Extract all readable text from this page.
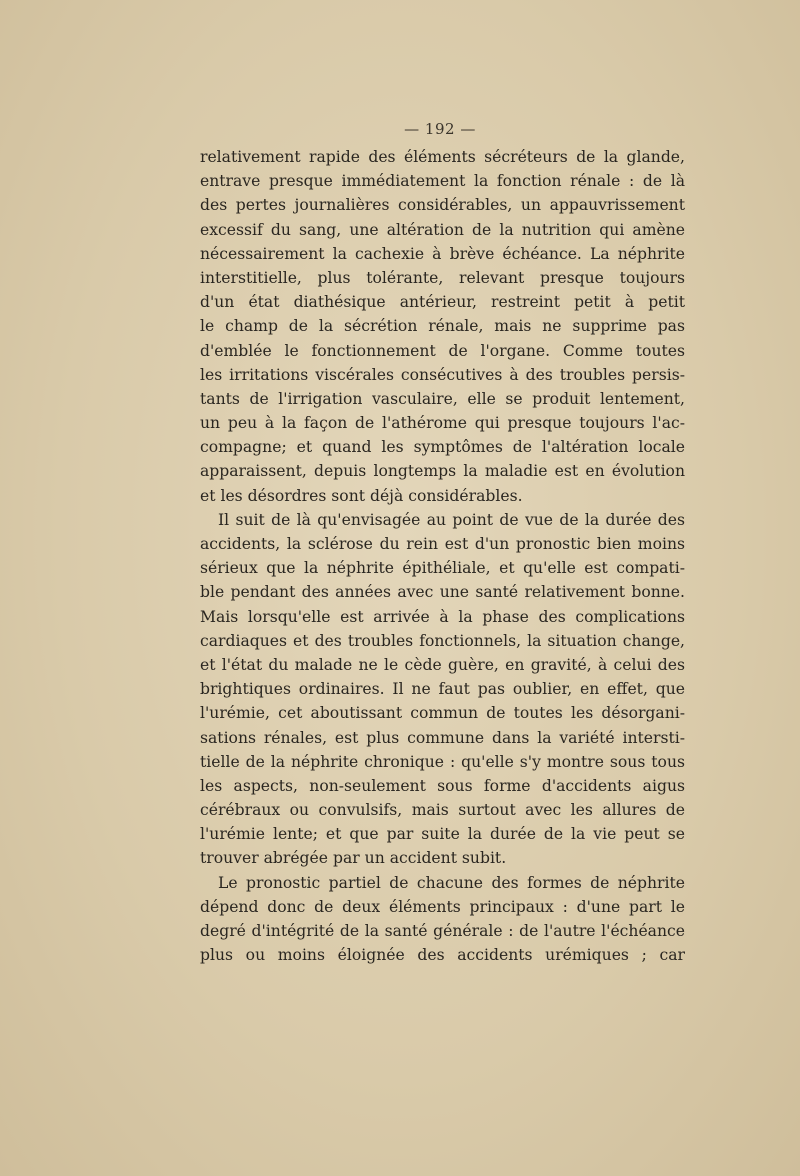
— 192 —
relativement rapide des éléments sécréteurs de la glande,
entrave presque immédiatement la fonction rénale : de là
des pertes journalières considérables, un appauvrissement
excessif du sang, une altération de la nutrition qui amène
nécessairement la cachexie à brève échéance. La néphrite
interstitielle, plus tolérante, relevant presque toujours
d'un état diathésique antérieur, restreint petit à petit
le champ de la sécrétion rénale, mais ne supprime pas
d'emblée le fonctionnement de l'organe. Comme toutes
les irritations viscérales consécutives à des troubles persis-
tants de l'irrigation vasculaire, elle se produit lentement,
un peu à la façon de l'athérome qui presque toujours l'ac-
compagne; et quand les symptômes de l'altération locale
apparaissent, depuis longtemps la maladie est en évolution
et les désordres sont déjà considérables.
Il suit de là qu'envisagée au point de vue de la durée des
accidents, la sclérose du rein est d'un pronostic bien moins
sérieux que la néphrite épithéliale, et qu'elle est compati-
ble pendant des années avec une santé relativement bonne.
Mais lorsqu'elle est arrivée à la phase des complications
cardiaques et des troubles fonctionnels, la situation change,
et l'état du malade ne le cède guère, en gravité, à celui des
brightiques ordinaires. Il ne faut pas oublier, en effet, que
l'urémie, cet aboutissant commun de toutes les désorgani-
sations rénales, est plus commune dans la variété intersti-
tielle de la néphrite chronique : qu'elle s'y montre sous tous
les aspects, non-seulement sous forme d'accidents aigus
cérébraux ou convulsifs, mais surtout avec les allures de
l'urémie lente; et que par suite la durée de la vie peut se
trouver abrégée par un accident subit.
Le pronostic partiel de chacune des formes de néphrite
dépend donc de deux éléments principaux : d'une part le
degré d'intégrité de la santé générale : de l'autre l'échéance
plus ou moins éloignée des accidents urémiques ; car
